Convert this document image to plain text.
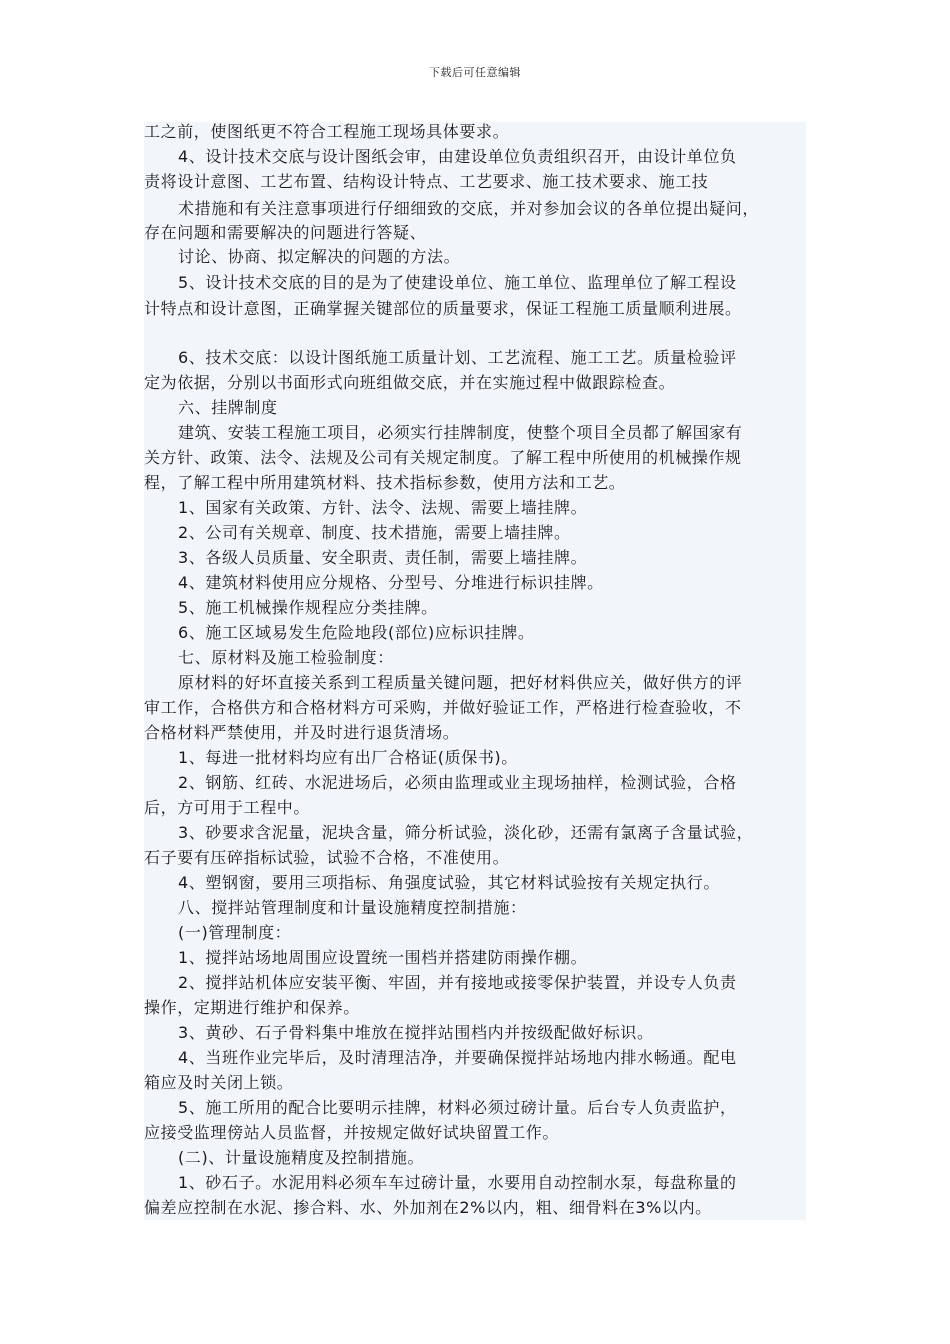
下载后可任意编辑
工之前，使图纸更不符合工程施工现场具体要求。
4、设计技术交底与设计图纸会审，由建设单位负责组织召开，由设计单位负
责将设计意图、工艺布置、结构设计特点、工艺要求、施工技术要求、施工技
术措施和有关注意事项进行仔细细致的交底，并对参加会议的各单位提出疑问，
存在问题和需要解决的问题进行答疑、
讨论、协商、拟定解决的问题的方法。
5、设计技术交底的目的是为了使建设单位、施工单位、监理单位了解工程设
计特点和设计意图，正确掌握关键部位的质量要求，保证工程施工质量顺利进展。
6、技术交底：以设计图纸施工质量计划、工艺流程、施工工艺。质量检验评
定为依据，分别以书面形式向班组做交底，并在实施过程中做跟踪检查。
六、挂牌制度
建筑、安装工程施工项目，必须实行挂牌制度，使整个项目全员都了解国家有
关方针、政策、法令、法规及公司有关规定制度。了解工程中所使用的机械操作规
程，了解工程中所用建筑材料、技术指标参数，使用方法和工艺。
1、国家有关政策、方针、法令、法规、需要上墙挂牌。
2、公司有关规章、制度、技术措施，需要上墙挂牌。
3、各级人员质量、安全职责、责任制，需要上墙挂牌。
4、建筑材料使用应分规格、分型号、分堆进行标识挂牌。
5、施工机械操作规程应分类挂牌。
6、施工区域易发生危险地段(部位)应标识挂牌。
七、原材料及施工检验制度：
原材料的好坏直接关系到工程质量关键问题，把好材料供应关，做好供方的评
审工作，合格供方和合格材料方可采购，并做好验证工作，严格进行检查验收，不
合格材料严禁使用，并及时进行退货清场。
1、每进一批材料均应有出厂合格证(质保书)。
2、钢筋、红砖、水泥进场后，必须由监理或业主现场抽样，检测试验，合格
后，方可用于工程中。
3、砂要求含泥量，泥块含量，筛分析试验，淡化砂，还需有氯离子含量试验，
石子要有压碎指标试验，试验不合格，不准使用。
4、塑钢窗，要用三项指标、角强度试验，其它材料试验按有关规定执行。
八、搅拌站管理制度和计量设施精度控制措施：
(一)管理制度：
1、搅拌站场地周围应设置统一围档并搭建防雨操作棚。
2、搅拌站机体应安装平衡、牢固，并有接地或接零保护装置，并设专人负责
操作，定期进行维护和保养。
3、黄砂、石子骨料集中堆放在搅拌站围档内并按级配做好标识。
4、当班作业完毕后，及时清理洁净，并要确保搅拌站场地内排水畅通。配电
箱应及时关闭上锁。
5、施工所用的配合比要明示挂牌，材料必须过磅计量。后台专人负责监护，
应接受监理傍站人员监督，并按规定做好试块留置工作。
(二)、计量设施精度及控制措施。
1、砂石子。水泥用料必须车车过磅计量，水要用自动控制水泵，每盘称量的
偏差应控制在水泥、掺合料、水、外加剂在2%以内，粗、细骨料在3%以内。
